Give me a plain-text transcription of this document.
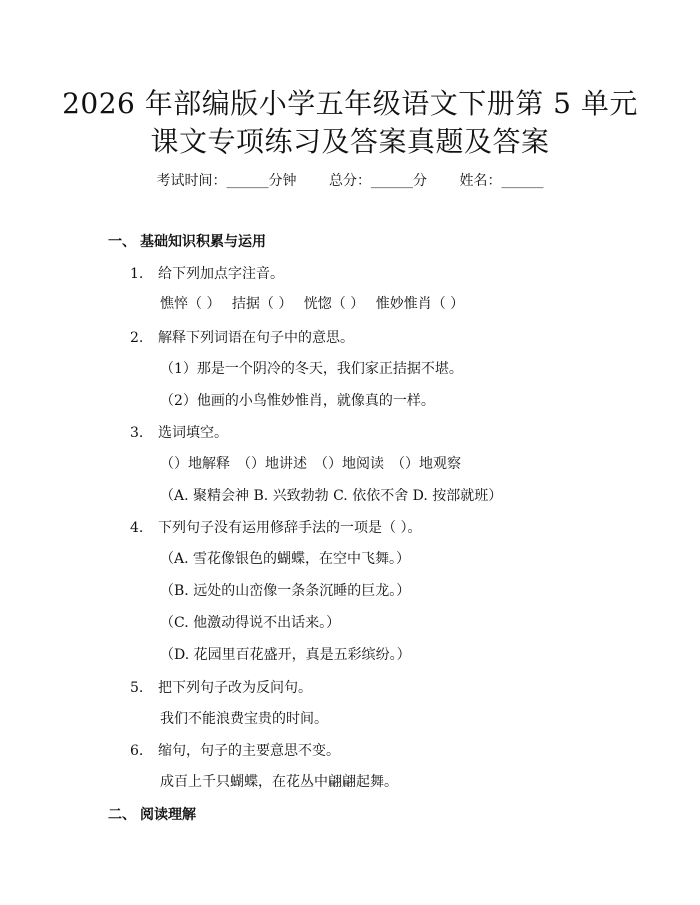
2026 年部编版小学五年级语文下册第 5 单元
课文专项练习及答案真题及答案
考试时间：______分钟 总分：______分 姓名：______
一、 基础知识积累与运用
1. 给下列加点字注音。
憔悴（ ）　 拮据（ ）　 恍惚（ ）　 惟妙惟肖（ ）
2. 解释下列词语在句子中的意思。
（1）那是一个阴冷的冬天，我们家正拮据不堪。
（2）他画的小鸟惟妙惟肖，就像真的一样。
3. 选词填空。
（）地解释　（）地讲述　（）地阅读　（）地观察
（A. 聚精会神 B. 兴致勃勃 C. 依依不舍 D. 按部就班）
4. 下列句子没有运用修辞手法的一项是（ ）。
（A. 雪花像银色的蝴蝶，在空中飞舞。）
（B. 远处的山峦像一条条沉睡的巨龙。）
（C. 他激动得说不出话来。）
（D. 花园里百花盛开，真是五彩缤纷。）
5. 把下列句子改为反问句。
我们不能浪费宝贵的时间。
6. 缩句，句子的主要意思不变。
成百上千只蝴蝶，在花丛中翩翩起舞。
二、 阅读理解
